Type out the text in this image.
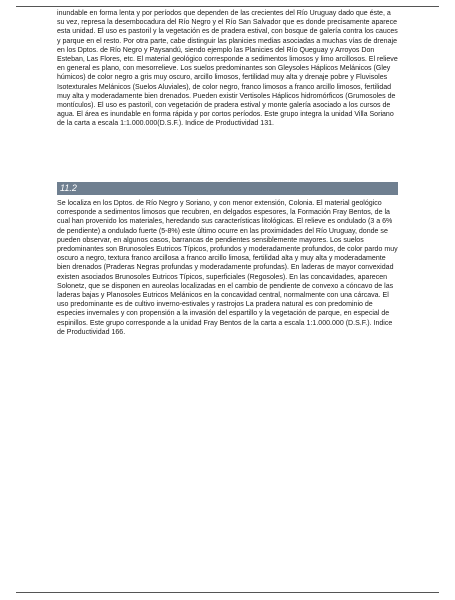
inundable en forma lenta y por períodos que dependen de las crecientes del Río Uruguay dado que éste, a su vez, represa la desembocadura del Río Negro y el Río San Salvador que es donde precisamente aparece esta unidad. El uso es pastoril y la vegetación es de pradera estival, con bosque de galería contra los cauces y parque en el resto. Por otra parte, cabe distinguir las planicies medias asociadas a muchas vías de drenaje en los Dptos. de Río Negro y Paysandú, siendo ejemplo las Planicies del Río Queguay y Arroyos Don Esteban, Las Flores, etc. El material geológico corresponde a sedimentos limosos y limo arcillosos. El relieve en general es plano, con mesorrelieve. Los suelos predominantes son Gleysoles Háplicos Melánicos (Gley húmicos) de color negro a gris muy oscuro, arcillo limosos, fertilidad muy alta y drenaje pobre y Fluvisoles Isotexturales Melánicos (Suelos Aluviales), de color negro, franco limosos a franco arcillo limosos, fertilidad muy alta y moderadamente bien drenados. Pueden existir Vertisoles Háplicos hidromórficos (Grumosoles de montículos). El uso es pastoril, con vegetación de pradera estival y monte galería asociado a los cursos de agua. El área es inundable en forma rápida y por cortos períodos. Este grupo integra la unidad Villa Soriano de la carta a escala 1:1.000.000(D.S.F.). Indice de Productividad 131.

11.2

Se localiza en los Dptos. de Río Negro y Soriano, y con menor extensión, Colonia. El material geológico corresponde a sedimentos limosos que recubren, en delgados espesores, la Formación Fray Bentos, de la cual han provenido los materiales, heredando sus características litológicas. El relieve es ondulado (3 a 6% de pendiente) a ondulado fuerte (5-8%) este último ocurre en las proximidades del Río Uruguay, donde se pueden observar, en algunos casos, barrancas de pendientes sensiblemente mayores. Los suelos predominantes son Brunosoles Eutricos Típicos, profundos y moderadamente profundos, de color pardo muy oscuro a negro, textura franco arcillosa a franco arcillo limosa, fertilidad alta y muy alta y moderadamente bien drenados (Praderas Negras profundas y moderadamente profundas). En laderas de mayor convexidad existen asociados Brunosoles Eutricos Típicos, superficiales (Regosoles). En las concavidades, aparecen Solonetz, que se disponen en aureolas localizadas en el cambio de pendiente de convexo a cóncavo de las laderas bajas y Planosoles Eutricos Melánicos en la concavidad central, normalmente con una cárcava. El uso predominante es de cultivo inverno-estivales y rastrojos La pradera natural es con predominio de especies invernales y con propensión a la invasión del espartillo y la vegetación de parque, en especial de espinillos. Este grupo corresponde a la unidad Fray Bentos de la carta a escala 1:1.000.000 (D.S.F.). Indice de Productividad 166.
